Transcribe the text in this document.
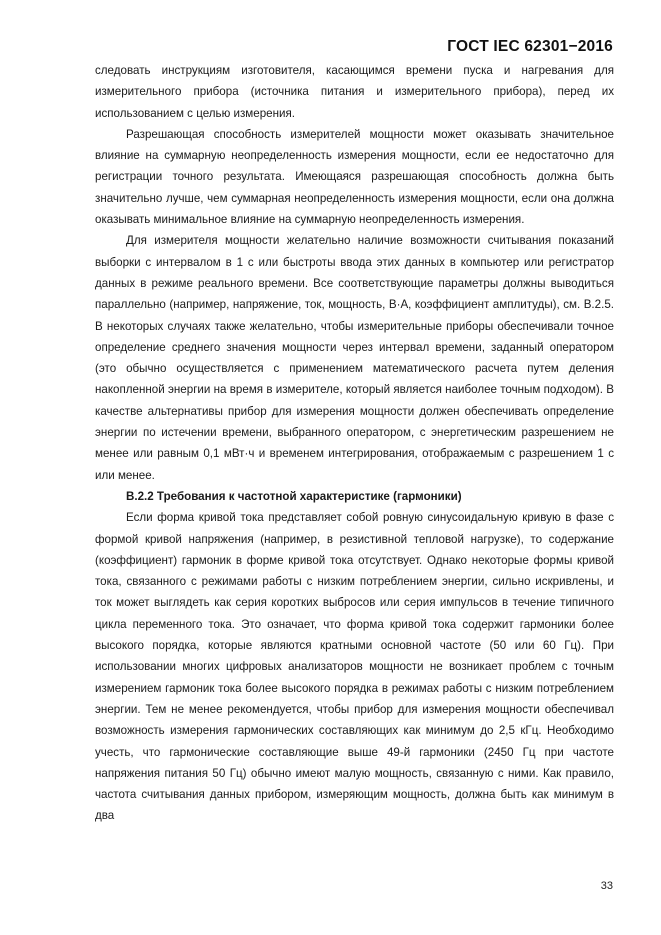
ГОСТ IEC 62301−2016

следовать инструкциям изготовителя, касающимся времени пуска и нагревания для измерительного прибора (источника питания и измерительного прибора), перед их использованием с целью измерения.

Разрешающая способность измерителей мощности может оказывать значительное влияние на суммарную неопределенность измерения мощности, если ее недостаточно для регистрации точного результата. Имеющаяся разрешающая способность должна быть значительно лучше, чем суммарная неопределенность измерения мощности, если она должна оказывать минимальное влияние на суммарную неопределенность измерения.

Для измерителя мощности желательно наличие возможности считывания показаний выборки с интервалом в 1 с или быстроты ввода этих данных в компьютер или регистратор данных в режиме реального времени. Все соответствующие параметры должны выводиться параллельно (например, напряжение, ток, мощность, В·А, коэффициент амплитуды), см. В.2.5. В некоторых случаях также желательно, чтобы измерительные приборы обеспечивали точное определение среднего значения мощности через интервал времени, заданный оператором (это обычно осуществляется с применением математического расчета путем деления накопленной энергии на время в измерителе, который является наиболее точным подходом). В качестве альтернативы прибор для измерения мощности должен обеспечивать определение энергии по истечении времени, выбранного оператором, с энергетическим разрешением не менее или равным 0,1 мВт·ч и временем интегрирования, отображаемым с разрешением 1 с или менее.

В.2.2 Требования к частотной характеристике (гармоники)

Если форма кривой тока представляет собой ровную синусоидальную кривую в фазе с формой кривой напряжения (например, в резистивной тепловой нагрузке), то содержание (коэффициент) гармоник в форме кривой тока отсутствует. Однако некоторые формы кривой тока, связанного с режимами работы с низким потреблением энергии, сильно искривлены, и ток может выглядеть как серия коротких выбросов или серия импульсов в течение типичного цикла переменного тока. Это означает, что форма кривой тока содержит гармоники более высокого порядка, которые являются кратными основной частоте (50 или 60 Гц). При использовании многих цифровых анализаторов мощности не возникает проблем с точным измерением гармоник тока более высокого порядка в режимах работы с низким потреблением энергии. Тем не менее рекомендуется, чтобы прибор для измерения мощности обеспечивал возможность измерения гармонических составляющих как минимум до 2,5 кГц. Необходимо учесть, что гармонические составляющие выше 49-й гармоники (2450 Гц при частоте напряжения питания 50 Гц) обычно имеют малую мощность, связанную с ними. Как правило, частота считывания данных прибором, измеряющим мощность, должна быть как минимум в два

33
